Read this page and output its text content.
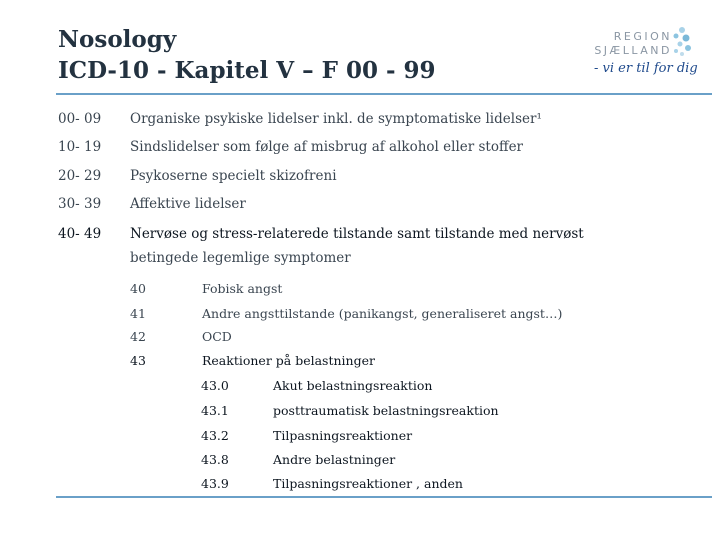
Nosology
ICD-10 - Kapitel V – F 00 - 99
REGION
SJÆLLAND
- vi er til for dig
00- 09 Organiske psykiske lidelser inkl. de symptomatiske lidelser¹
10- 19 Sindslidelser som følge af misbrug af alkohol eller stoffer
20- 29 Psykoserne specielt skizofreni
30- 39 Affektive lidelser
40- 49 Nervøse og stress-relaterede tilstande samt tilstande med nervøst
betingede legemlige symptomer
40	Fobisk angst
41	Andre angsttilstande (panikangst, generaliseret angst…)
42	OCD
43	Reaktioner på belastninger
43.0	Akut belastningsreaktion
43.1	posttraumatisk belastningsreaktion
43.2	Tilpasningsreaktioner
43.8	Andre belastninger
43.9	Tilpasningsreaktioner , anden
